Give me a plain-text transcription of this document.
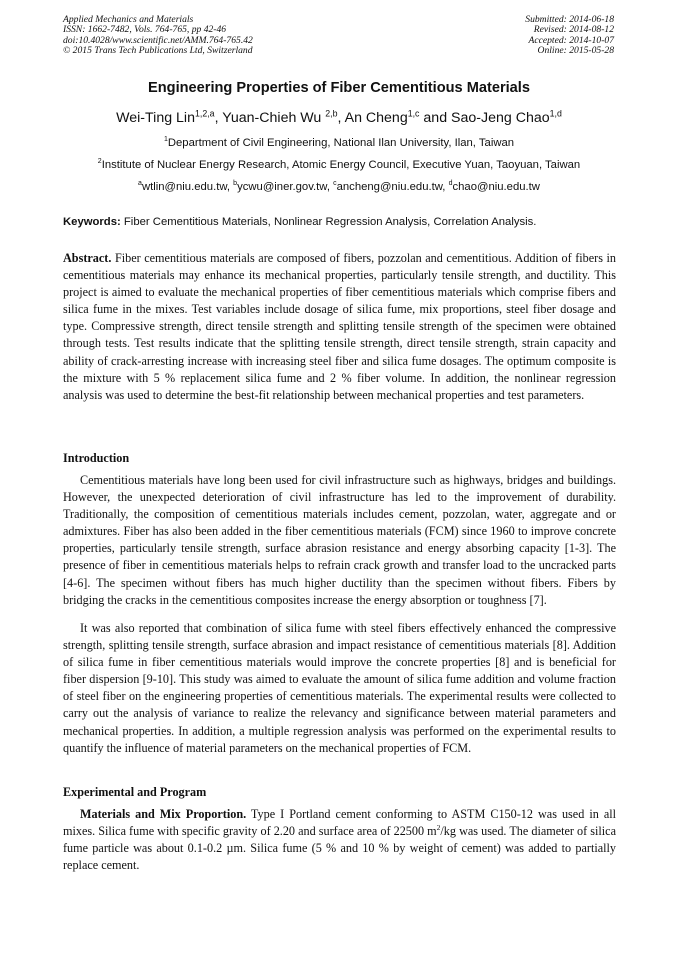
Applied Mechanics and Materials
ISSN: 1662-7482, Vols. 764-765, pp 42-46
doi:10.4028/www.scientific.net/AMM.764-765.42
© 2015 Trans Tech Publications Ltd, Switzerland
Submitted: 2014-06-18
Revised: 2014-08-12
Accepted: 2014-10-07
Online: 2015-05-28
Engineering Properties of Fiber Cementitious Materials
Wei-Ting Lin$^{1,2,a}$, Yuan-Chieh Wu $^{2,b}$, An Cheng$^{1,c}$ and Sao-Jeng Chao$^{1,d}$
$^1$Department of Civil Engineering, National Ilan University, Ilan, Taiwan
$^2$Institute of Nuclear Energy Research, Atomic Energy Council, Executive Yuan, Taoyuan, Taiwan
$^a$wtlin@niu.edu.tw, $^b$ycwu@iner.gov.tw, $^c$ancheng@niu.edu.tw, $^d$chao@niu.edu.tw
Keywords: Fiber Cementitious Materials, Nonlinear Regression Analysis, Correlation Analysis.
Abstract. Fiber cementitious materials are composed of fibers, pozzolan and cementitious. Addition of fibers in cementitious materials may enhance its mechanical properties, particularly tensile strength, and ductility. This project is aimed to evaluate the mechanical properties of fiber cementitious materials which comprise fibers and silica fume in the mixes. Test variables include dosage of silica fume, mix proportions, steel fiber dosage and type. Compressive strength, direct tensile strength and splitting tensile strength of the specimen were obtained through tests. Test results indicate that the splitting tensile strength, direct tensile strength, strain capacity and ability of crack-arresting increase with increasing steel fiber and silica fume dosages. The optimum composite is the mixture with 5 % replacement silica fume and 2 % fiber volume. In addition, the nonlinear regression analysis was used to determine the best-fit relationship between mechanical properties and test parameters.
Introduction
Cementitious materials have long been used for civil infrastructure such as highways, bridges and buildings. However, the unexpected deterioration of civil infrastructure has led to the improvement of durability. Traditionally, the composition of cementitious materials includes cement, pozzolan, water, aggregate and or admixtures. Fiber has also been added in the fiber cementitious materials (FCM) since 1960 to improve concrete properties, particularly tensile strength, surface abrasion resistance and energy absorbing capacity [1-3]. The presence of fiber in cementitious materials helps to refrain crack growth and transfer load to the uncracked parts [4-6]. The specimen without fibers has much higher ductility than the specimen without fibers. Fibers by bridging the cracks in the cementitious composites increase the energy absorption or toughness [7].
It was also reported that combination of silica fume with steel fibers effectively enhanced the compressive strength, splitting tensile strength, surface abrasion and impact resistance of cementitious materials [8]. Addition of silica fume in fiber cementitious materials would improve the concrete properties [8] and is beneficial for fiber dispersion [9-10]. This study was aimed to evaluate the amount of silica fume addition and volume fraction of steel fiber on the engineering properties of cementitious materials. The experimental results were collected to carry out the analysis of variance to realize the relevancy and significance between material parameters and mechanical properties. In addition, a multiple regression analysis was performed on the experimental results to quantify the influence of material parameters on the mechanical properties of FCM.
Experimental and Program
Materials and Mix Proportion. Type I Portland cement conforming to ASTM C150-12 was used in all mixes. Silica fume with specific gravity of 2.20 and surface area of 22500 $m^2/kg$ was used. The diameter of silica fume particle was about 0.1-0.2 µm. Silica fume (5 % and 10 % by weight of cement) was added to partially replace cement.
